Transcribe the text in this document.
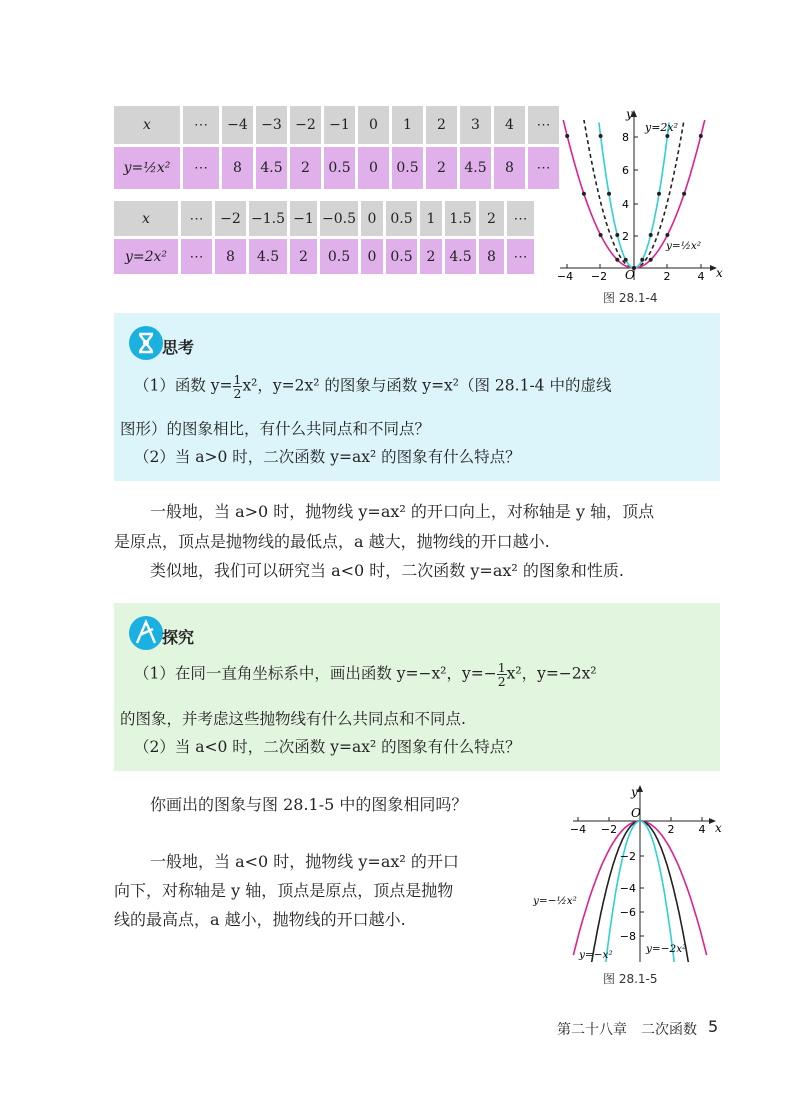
x	⋯	−4	−3	−2	−1	0	1	2	3	4	⋯
y=½x²	⋯	8	4.5	2	0.5	0	0.5	2	4.5	8	⋯
x	⋯	−2	−1.5	−1	−0.5	0	0.5	1	1.5	2	⋯
y=2x²	⋯	8	4.5	2	0.5	0	0.5	2	4.5	8	⋯
−4 −2	2 4
2
4
6
8
O	x
y
y=2x²
y=½x²
图 28.1-4
思考
（1）函数 $y= \frac{1}{2} x^2$，y=2x² 的图象与函数 y=x²（图 28.1-4 中的虚线
图形）的图象相比，有什么共同点和不同点？
（2）当 a>0 时，二次函数 y=ax² 的图象有什么特点？
一般地，当 a>0 时，抛物线 y=ax² 的开口向上，对称轴是 y 轴，顶点
是原点，顶点是抛物线的最低点，a 越大，抛物线的开口越小.
类似地，我们可以研究当 a<0 时，二次函数 y=ax² 的图象和性质.
探究
（1）在同一直角坐标系中，画出函数 y=−x²，$y=- \frac{1}{2} x^2$，y=−2x²
的图象，并考虑这些抛物线有什么共同点和不同点.
（2）当 a<0 时，二次函数 y=ax² 的图象有什么特点？
你画出的图象与图 28.1-5 中的图象相同吗？
一般地，当 a<0 时，抛物线 y=ax² 的开口
向下，对称轴是 y 轴，顶点是原点，顶点是抛物
线的最高点，a 越小，抛物线的开口越小.
−4 −2	2 4
−2
−4
−6
−8
O
x
y
y=−½x²
y=−x²	y=−2x²
图 28.1-5
第二十八章　二次函数 5
